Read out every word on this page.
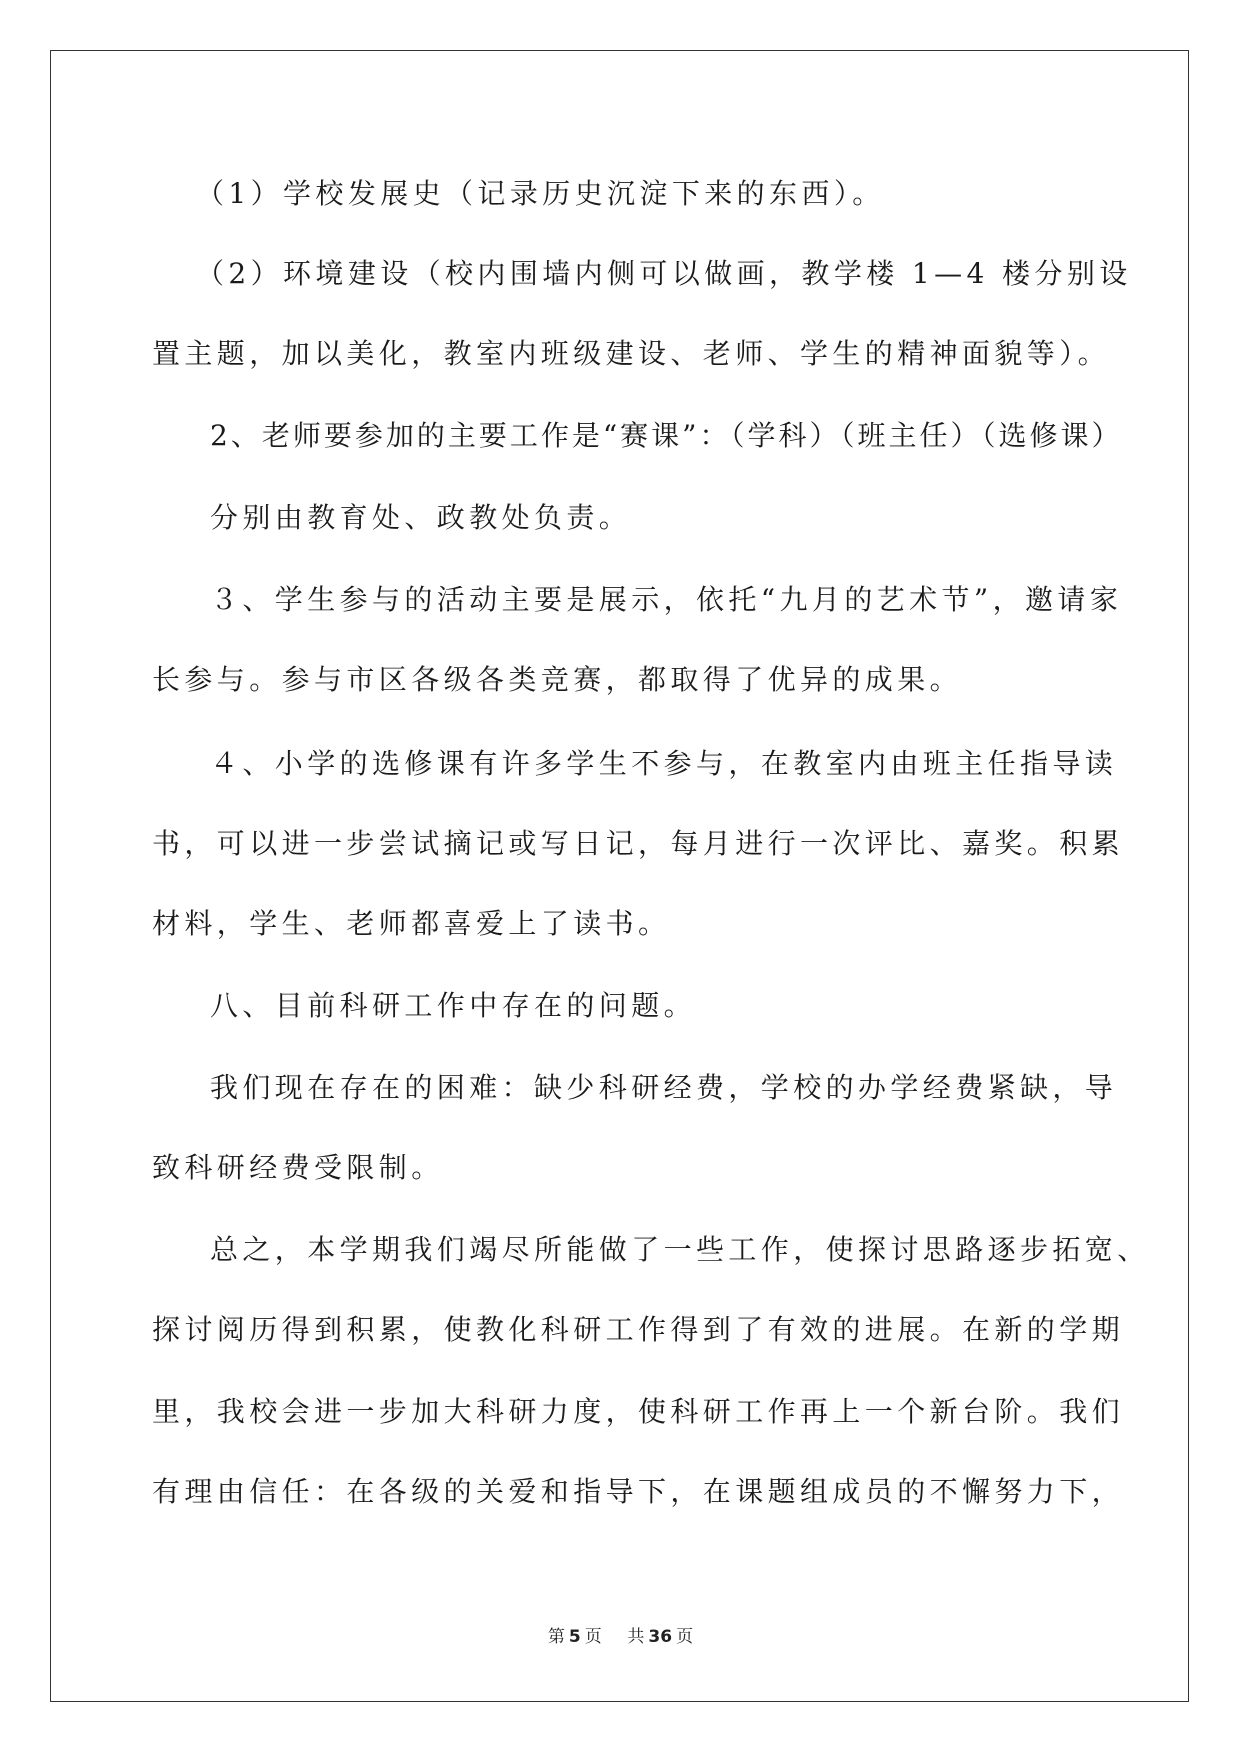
（1）学校发展史（记录历史沉淀下来的东西）。
（2）环境建设（校内围墙内侧可以做画，教学楼 1—4 楼分别设
置主题，加以美化，教室内班级建设、老师、学生的精神面貌等）。
2、老师要参加的主要工作是“赛课”：（学科）（班主任）（选修课）
分别由教育处、政教处负责。
３、学生参与的活动主要是展示，依托“九月的艺术节”，邀请家
长参与。参与市区各级各类竞赛，都取得了优异的成果。
４、小学的选修课有许多学生不参与，在教室内由班主任指导读
书，可以进一步尝试摘记或写日记，每月进行一次评比、嘉奖。积累
材料，学生、老师都喜爱上了读书。
八、目前科研工作中存在的问题。
我们现在存在的困难：缺少科研经费，学校的办学经费紧缺，导
致科研经费受限制。
总之，本学期我们竭尽所能做了一些工作，使探讨思路逐步拓宽、
探讨阅历得到积累，使教化科研工作得到了有效的进展。在新的学期
里，我校会进一步加大科研力度，使科研工作再上一个新台阶。我们
有理由信任：在各级的关爱和指导下，在课题组成员的不懈努力下，
第 5 页 共 36 页
